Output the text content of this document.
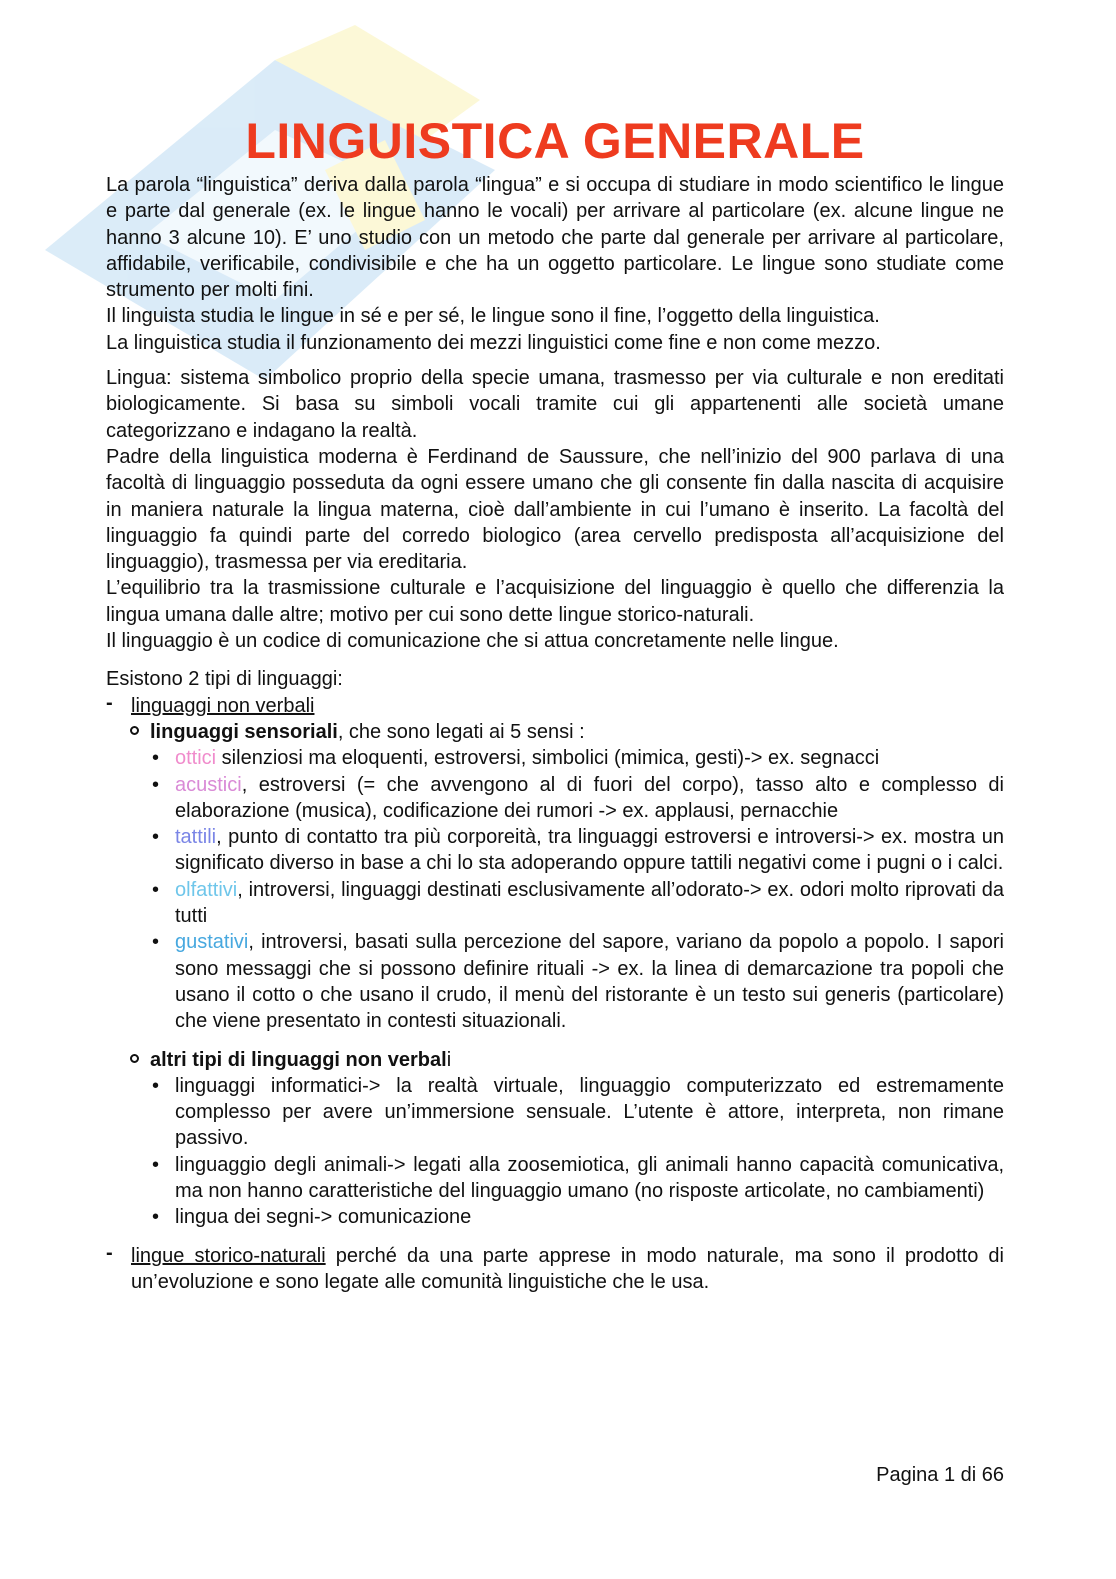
LINGUISTICA GENERALE

La parola “linguistica” deriva dalla parola “lingua” e si occupa di studiare in modo scientifico le lingue e parte dal generale (ex. le lingue hanno le vocali) per arrivare al particolare (ex. alcune lingue ne hanno 3 alcune 10). E’ uno studio con un metodo che parte dal generale per arrivare al particolare, affidabile, verificabile, condivisibile e che ha un oggetto particolare. Le lingue sono studiate come strumento per molti fini.

Il linguista studia le lingue in sé e per sé, le lingue sono il fine, l’oggetto della linguistica.

La linguistica studia il funzionamento dei mezzi linguistici come fine e non come mezzo.

Lingua: sistema simbolico proprio della specie umana, trasmesso per via culturale e non ereditati biologicamente. Si basa su simboli vocali tramite cui gli appartenenti alle società umane categorizzano e indagano la realtà.

Padre della linguistica moderna è Ferdinand de Saussure, che nell’inizio del 900 parlava di una facoltà di linguaggio posseduta da ogni essere umano che gli consente fin dalla nascita di acquisire in maniera naturale la lingua materna, cioè dall’ambiente in cui l’umano è inserito. La facoltà del linguaggio fa quindi parte del corredo biologico (area cervello predisposta all’acquisizione del linguaggio), trasmessa per via ereditaria.

L’equilibrio tra la trasmissione culturale e l’acquisizione del linguaggio è quello che differenzia la lingua umana dalle altre; motivo per cui sono dette lingue storico-naturali.

Il linguaggio è un codice di comunicazione che si attua concretamente nelle lingue.

Esistono 2 tipi di linguaggi:

- linguaggi non verbali
linguaggi sensoriali, che sono legati ai 5 sensi :
• ottici silenziosi ma eloquenti, estroversi, simbolici (mimica, gesti)-> ex. segnacci
• acustici, estroversi (= che avvengono al di fuori del corpo), tasso alto e complesso di elaborazione (musica), codificazione dei rumori -> ex. applausi, pernacchie
• tattili, punto di contatto tra più corporeità, tra linguaggi estroversi e introversi-> ex. mostra un significato diverso in base a chi lo sta adoperando oppure tattili negativi come i pugni o i calci.
• olfattivi, introversi, linguaggi destinati esclusivamente all’odorato-> ex. odori molto riprovati da tutti
• gustativi, introversi, basati sulla percezione del sapore, variano da popolo a popolo. I sapori sono messaggi che si possono definire rituali -> ex. la linea di demarcazione tra popoli che usano il cotto o che usano il crudo, il menù del ristorante è un testo sui generis (particolare) che viene presentato in contesti situazionali.
altri tipi di linguaggi non verbali
• linguaggi informatici-> la realtà virtuale, linguaggio computerizzato ed estremamente complesso per avere un’immersione sensuale. L’utente è attore, interpreta, non rimane passivo.
• linguaggio degli animali-> legati alla zoosemiotica, gli animali hanno capacità comunicativa, ma non hanno caratteristiche del linguaggio umano (no risposte articolate, no cambiamenti)
• lingua dei segni-> comunicazione
- lingue storico-naturali perché da una parte apprese in modo naturale, ma sono il prodotto di un’evoluzione e sono legate alle comunità linguistiche che le usa.
Pagina 1 di 66
